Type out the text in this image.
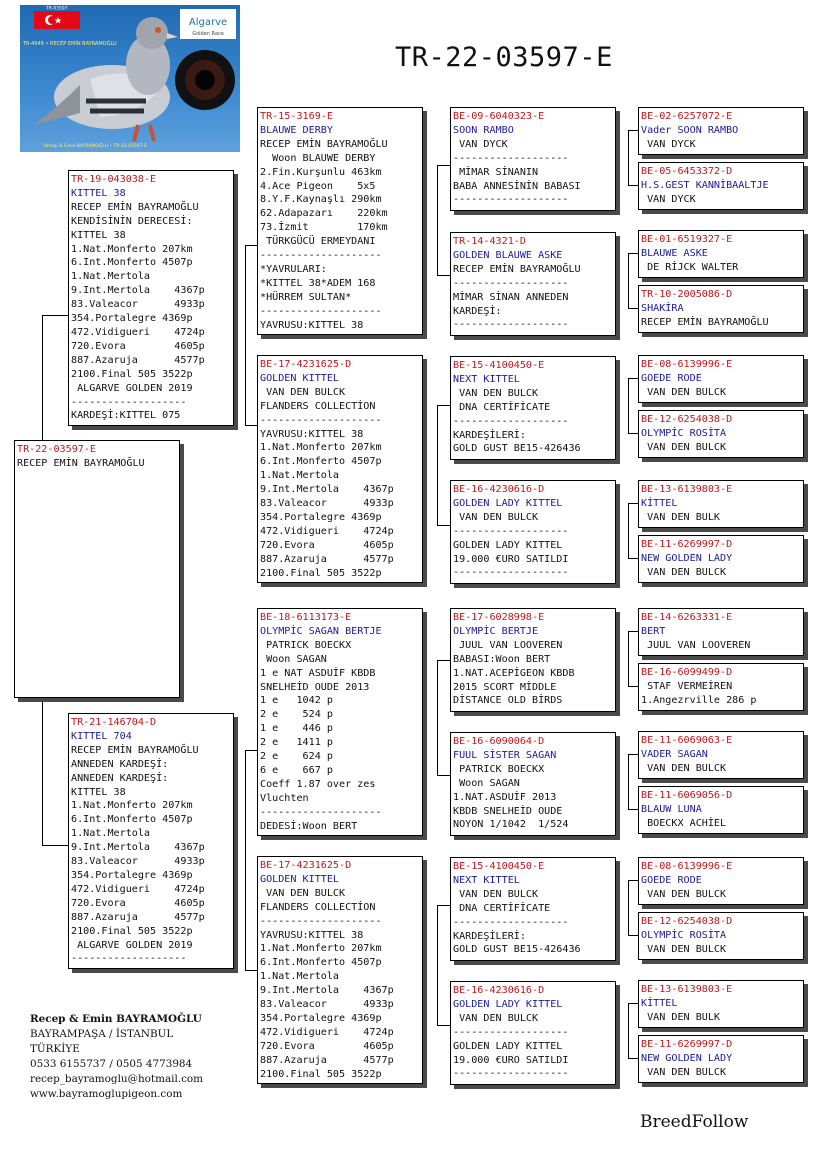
TR-22-03597-E
Algarve
Golden Race
TR-4949 • RECEP EMİN BAYRAMOĞLU
TR-03597
Recep & Emin BAYRAMOĞLU • TR-22-03597-E
TR-22-03597-E
RECEP EMİN BAYRAMOĞLU
TR-19-043038-E
KITTEL 38
RECEP EMİN BAYRAMOĞLU
KENDİSİNİN DERECESİ:
KITTEL 38
1.Nat.Monferto 207km
6.Int.Monferto 4507p
1.Nat.Mertola
9.Int.Mertola    4367p
83.Valeacor      4933p
354.Portalegre 4369p
472.Vidigueri    4724p
720.Evora        4605p
887.Azaruja      4577p
2100.Final 505 3522p
ALGARVE GOLDEN 2019
-------------------
KARDEŞİ:KITTEL 075
TR-21-146704-D
KITTEL 704
RECEP EMİN BAYRAMOĞLU
ANNEDEN KARDEŞİ:
ANNEDEN KARDEŞİ:
KITTEL 38
1.Nat.Monferto 207km
6.Int.Monferto 4507p
1.Nat.Mertola
9.Int.Mertola    4367p
83.Valeacor      4933p
354.Portalegre 4369p
472.Vidigueri    4724p
720.Evora        4605p
887.Azaruja      4577p
2100.Final 505 3522p
ALGARVE GOLDEN 2019
-------------------
TR-15-3169-E
BLAUWE DERBY
RECEP EMİN BAYRAMOĞLU
Woon BLAUWE DERBY
2.Fin.Kurşunlu 463km
4.Ace Pigeon    5x5
8.Y.F.Kaynaşlı 290km
62.Adapazarı    220km
73.İzmit        170km
TÜRKGÜCÜ ERMEYDANI
--------------------
*YAVRULARI:
*KITTEL 38*ADEM 168
*HÜRREM SULTAN*
--------------------
YAVRUSU:KITTEL 38
BE-17-4231625-D
GOLDEN KITTEL
VAN DEN BULCK
FLANDERS COLLECTİON
--------------------
YAVRUSU:KITTEL 38
1.Nat.Monferto 207km
6.Int.Monferto 4507p
1.Nat.Mertola
9.Int.Mertola    4367p
83.Valeacor      4933p
354.Portalegre 4369p
472.Vidigueri    4724p
720.Evora        4605p
887.Azaruja      4577p
2100.Final 505 3522p
BE-18-6113173-E
OLYMPİC SAGAN BERTJE
PATRICK BOECKX
Woon SAGAN
1 e NAT ASDUİF KBDB
SNELHEİD OUDE 2013
1 e   1042 p
2 e    524 p
1 e    446 p
2 e   1411 p
2 e    624 p
6 e    667 p
Coeff 1.87 over zes
Vluchten
--------------------
DEDESİ:Woon BERT
BE-17-4231625-D
GOLDEN KITTEL
VAN DEN BULCK
FLANDERS COLLECTİON
--------------------
YAVRUSU:KITTEL 38
1.Nat.Monferto 207km
6.Int.Monferto 4507p
1.Nat.Mertola
9.Int.Mertola    4367p
83.Valeacor      4933p
354.Portalegre 4369p
472.Vidigueri    4724p
720.Evora        4605p
887.Azaruja      4577p
2100.Final 505 3522p
BE-09-6040323-E
SOON RAMBO
VAN DYCK
-------------------
MİMAR SİNANIN
BABA ANNESİNİN BABASI
-------------------
TR-14-4321-D
GOLDEN BLAUWE ASKE
RECEP EMİN BAYRAMOĞLU
-------------------
MİMAR SİNAN ANNEDEN
KARDEŞİ:
-------------------
BE-15-4100450-E
NEXT KITTEL
VAN DEN BULCK
DNA CERTİFİCATE
-------------------
KARDEŞİLERİ:
GOLD GUST BE15-426436
BE-16-4230616-D
GOLDEN LADY KITTEL
VAN DEN BULCK
-------------------
GOLDEN LADY KITTEL
19.000 €URO SATILDI
-------------------
BE-17-6028998-E
OLYMPİC BERTJE
JUUL VAN LOOVEREN
BABASI:Woon BERT
1.NAT.ACEPİGEON KBDB
2015 SCORT MİDDLE
DİSTANCE OLD BİRDS
BE-16-6090064-D
FUUL SİSTER SAGAN
PATRICK BOECKX
Woon SAGAN
1.NAT.ASDUİF 2013
KBDB SNELHEİD OUDE
NOYON 1/1042  1/524
BE-15-4100450-E
NEXT KITTEL
VAN DEN BULCK
DNA CERTİFİCATE
-------------------
KARDEŞİLERİ:
GOLD GUST BE15-426436
BE-16-4230616-D
GOLDEN LADY KITTEL
VAN DEN BULCK
-------------------
GOLDEN LADY KITTEL
19.000 €URO SATILDI
-------------------
BE-02-6257072-E
Vader SOON RAMBO
VAN DYCK
BE-05-6453372-D
H.S.GEST KANNİBAALTJE
VAN DYCK
BE-01-6519327-E
BLAUWE ASKE
DE RİJCK WALTER
TR-10-2005086-D
SHAKİRA
RECEP EMİN BAYRAMOĞLU
BE-08-6139996-E
GOEDE RODE
VAN DEN BULCK
BE-12-6254038-D
OLYMPİC ROSİTA
VAN DEN BULCK
BE-13-6139803-E
KİTTEL
VAN DEN BULK
BE-11-6269997-D
NEW GOLDEN LADY
VAN DEN BULCK
BE-14-6263331-E
BERT
JUUL VAN LOOVEREN
BE-16-6099499-D
STAF VERMEİREN
1.Angezrville 286 p
BE-11-6069063-E
VADER SAGAN
VAN DEN BULCK
BE-11-6069056-D
BLAUW LUNA
BOECKX ACHİEL
BE-08-6139996-E
GOEDE RODE
VAN DEN BULCK
BE-12-6254038-D
OLYMPİC ROSİTA
VAN DEN BULCK
BE-13-6139803-E
KİTTEL
VAN DEN BULK
BE-11-6269997-D
NEW GOLDEN LADY
VAN DEN BULCK
Recep & Emin BAYRAMOĞLU
BAYRAMPAŞA / İSTANBUL
TÜRKİYE
0533 6155737 / 0505 4773984
recep_bayramoglu@hotmail.com
www.bayramoglupigeon.com
BreedFollow
